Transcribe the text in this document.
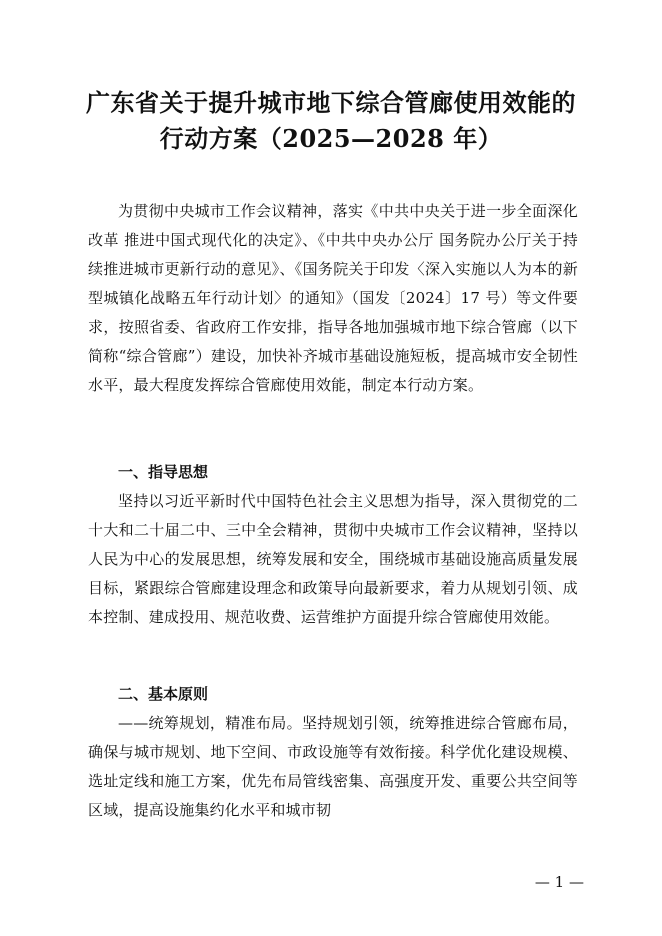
广东省关于提升城市地下综合管廊使用效能的
行动方案（2025—2028 年）

为贯彻中央城市工作会议精神，落实《中共中央关于进一步全面深化改革 推进中国式现代化的决定》、《中共中央办公厅 国务院办公厅关于持续推进城市更新行动的意见》、《国务院关于印发〈深入实施以人为本的新型城镇化战略五年行动计划〉的通知》（国发〔2024〕17 号）等文件要求，按照省委、省政府工作安排，指导各地加强城市地下综合管廊（以下简称“综合管廊”）建设，加快补齐城市基础设施短板，提高城市安全韧性水平，最大程度发挥综合管廊使用效能，制定本行动方案。

一、指导思想

坚持以习近平新时代中国特色社会主义思想为指导，深入贯彻党的二十大和二十届二中、三中全会精神，贯彻中央城市工作会议精神，坚持以人民为中心的发展思想，统筹发展和安全，围绕城市基础设施高质量发展目标，紧跟综合管廊建设理念和政策导向最新要求，着力从规划引领、成本控制、建成投用、规范收费、运营维护方面提升综合管廊使用效能。

二、基本原则

——统筹规划，精准布局。坚持规划引领，统筹推进综合管廊布局，确保与城市规划、地下空间、市政设施等有效衔接。科学优化建设规模、选址定线和施工方案，优先布局管线密集、高强度开发、重要公共空间等区域，提高设施集约化水平和城市韧

— 1 —
